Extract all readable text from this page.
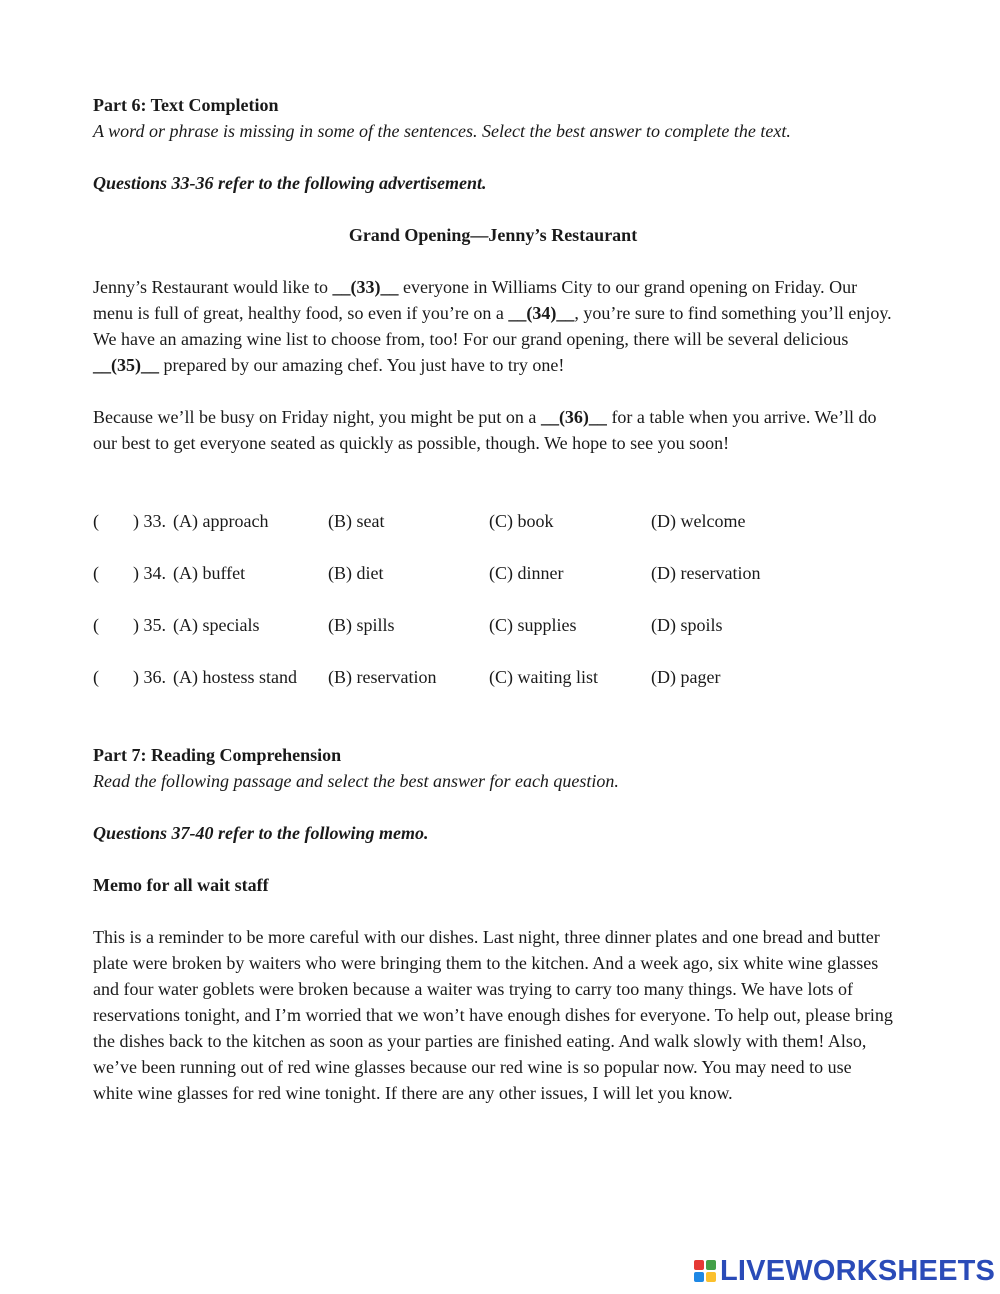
Part 6: Text Completion

A word or phrase is missing in some of the sentences. Select the best answer to complete the text.

Questions 33-36 refer to the following advertisement.

Grand Opening—Jenny’s Restaurant

Jenny’s Restaurant would like to __(33)__ everyone in Williams City to our grand opening on Friday. Our menu is full of great, healthy food, so even if you’re on a __(34)__, you’re sure to find something you’ll enjoy. We have an amazing wine list to choose from, too! For our grand opening, there will be several delicious __(35)__ prepared by our amazing chef. You just have to try one!

Because we’ll be busy on Friday night, you might be put on a __(36)__ for a table when you arrive. We’ll do our best to get everyone seated as quickly as possible, though. We hope to see you soon!

( ) 33. (A) approach	(B) seat	(C) book	(D) welcome
( ) 34. (A) buffet	(B) diet	(C) dinner	(D) reservation
( ) 35. (A) specials	(B) spills	(C) supplies	(D) spoils
( ) 36. (A) hostess stand (B) reservation	(C) waiting list	(D) pager

Part 7: Reading Comprehension

Read the following passage and select the best answer for each question.

Questions 37-40 refer to the following memo.

Memo for all wait staff

This is a reminder to be more careful with our dishes. Last night, three dinner plates and one bread and butter plate were broken by waiters who were bringing them to the kitchen. And a week ago, six white wine glasses and four water goblets were broken because a waiter was trying to carry too many things. We have lots of reservations tonight, and I’m worried that we won’t have enough dishes for everyone. To help out, please bring the dishes back to the kitchen as soon as your parties are finished eating. And walk slowly with them! Also, we’ve been running out of red wine glasses because our red wine is so popular now. You may need to use white wine glasses for red wine tonight. If there are any other issues, I will let you know.

LIVEWORKSHEETS
